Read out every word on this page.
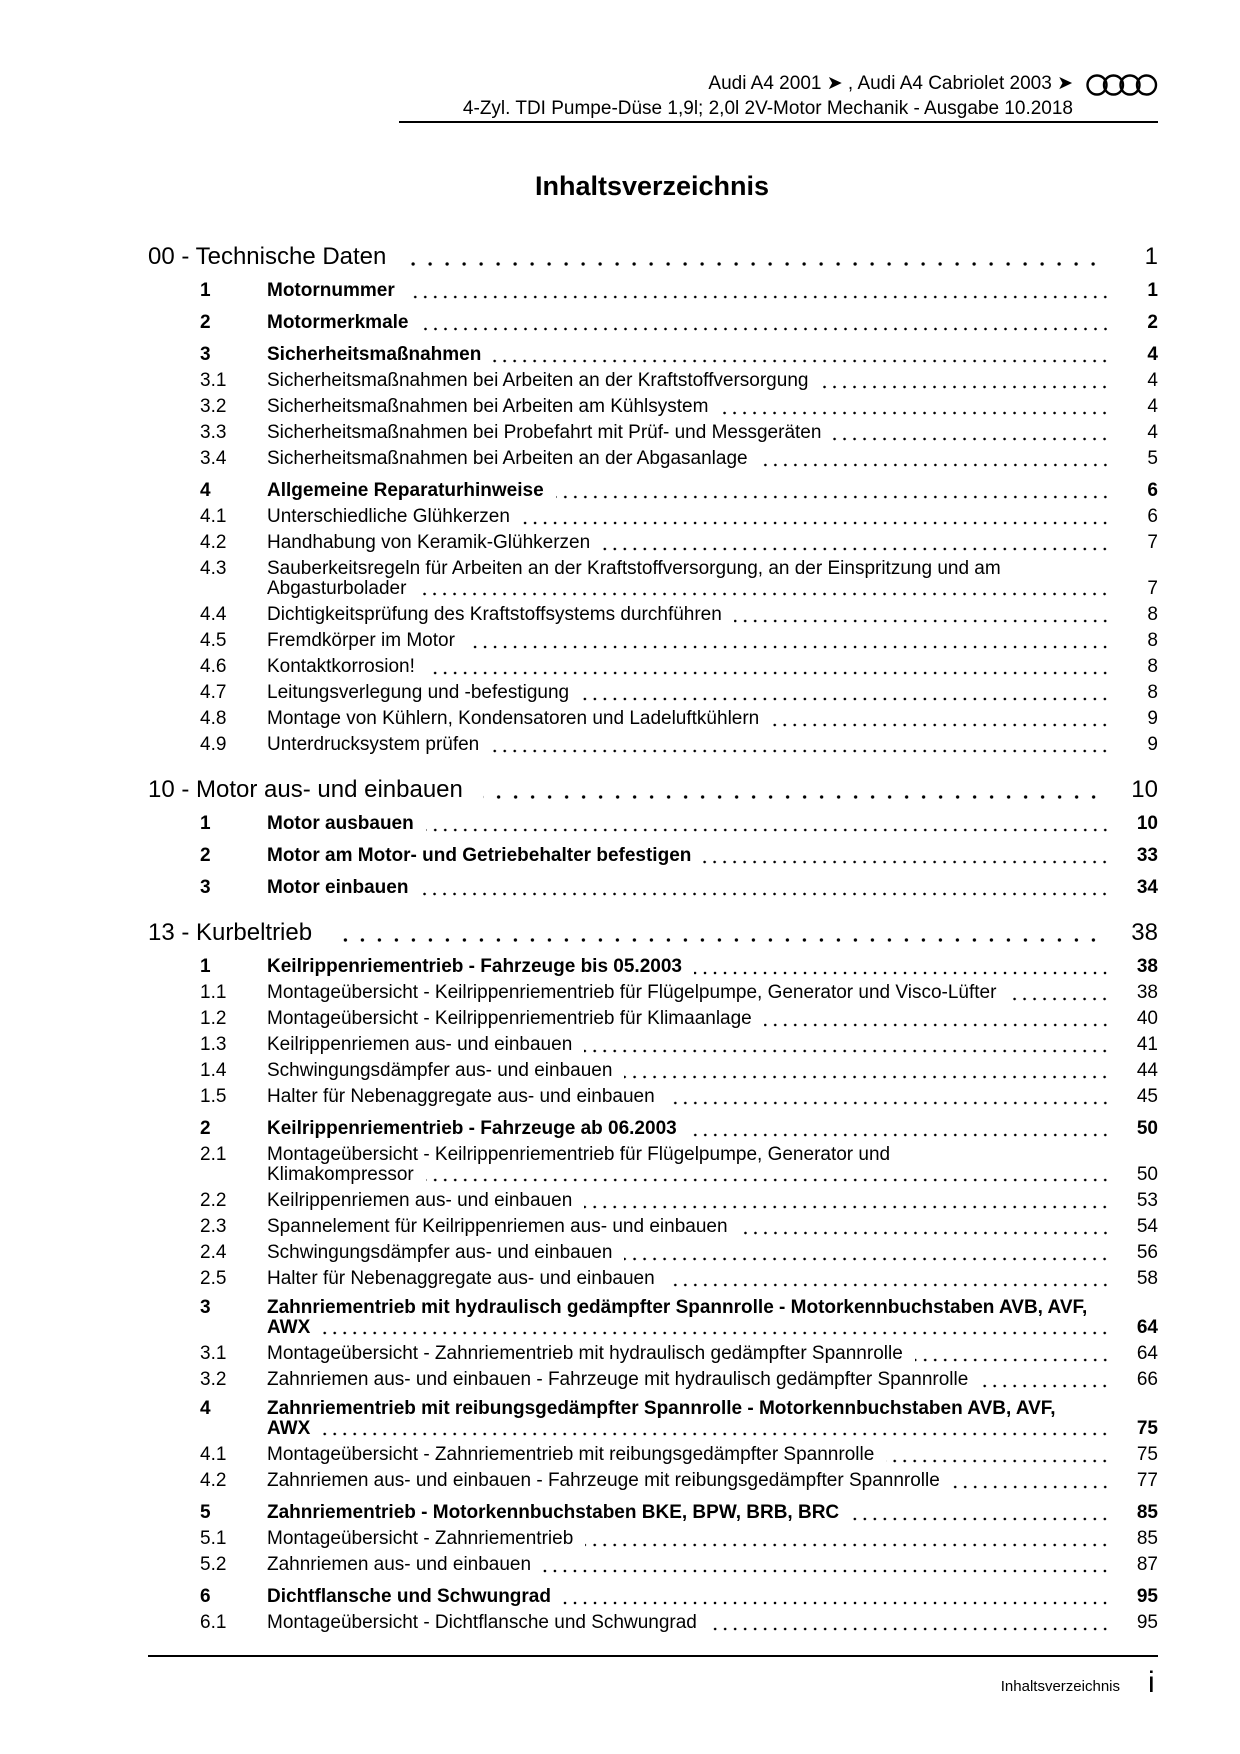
Audi A4 2001 ➤ , Audi A4 Cabriolet 2003 ➤
4-Zyl. TDI Pumpe-Düse 1,9l; 2,0l 2V-Motor Mechanik - Ausgabe 10.2018
Inhaltsverzeichnis
00 - Technische Daten	1
1	Motornummer	1
2	Motormerkmale	2
3	Sicherheitsmaßnahmen	4
3.1	Sicherheitsmaßnahmen bei Arbeiten an der Kraftstoffversorgung	4
3.2	Sicherheitsmaßnahmen bei Arbeiten am Kühlsystem	4
3.3	Sicherheitsmaßnahmen bei Probefahrt mit Prüf- und Messgeräten	4
3.4	Sicherheitsmaßnahmen bei Arbeiten an der Abgasanlage	5
4	Allgemeine Reparaturhinweise	6
4.1	Unterschiedliche Glühkerzen	6
4.2	Handhabung von Keramik-Glühkerzen	7
4.3	Sauberkeitsregeln für Arbeiten an der Kraftstoffversorgung, an der Einspritzung und am
Abgasturbolader	7
4.4	Dichtigkeitsprüfung des Kraftstoffsystems durchführen	8
4.5	Fremdkörper im Motor	8
4.6	Kontaktkorrosion!	8
4.7	Leitungsverlegung und -befestigung	8
4.8	Montage von Kühlern, Kondensatoren und Ladeluftkühlern	9
4.9	Unterdrucksystem prüfen	9
10 - Motor aus- und einbauen	10
1	Motor ausbauen	10
2	Motor am Motor- und Getriebehalter befestigen	33
3	Motor einbauen	34
13 - Kurbeltrieb	38
1	Keilrippenriementrieb - Fahrzeuge bis 05.2003	38
1.1	Montageübersicht - Keilrippenriementrieb für Flügelpumpe, Generator und Visco-Lüfter	38
1.2	Montageübersicht - Keilrippenriementrieb für Klimaanlage	40
1.3	Keilrippenriemen aus- und einbauen	41
1.4	Schwingungsdämpfer aus- und einbauen	44
1.5	Halter für Nebenaggregate aus- und einbauen	45
2	Keilrippenriementrieb - Fahrzeuge ab 06.2003	50
2.1	Montageübersicht - Keilrippenriementrieb für Flügelpumpe, Generator und
Klimakompressor	50
2.2	Keilrippenriemen aus- und einbauen	53
2.3	Spannelement für Keilrippenriemen aus- und einbauen	54
2.4	Schwingungsdämpfer aus- und einbauen	56
2.5	Halter für Nebenaggregate aus- und einbauen	58
3	Zahnriementrieb mit hydraulisch gedämpfter Spannrolle - Motorkennbuchstaben AVB, AVF,
AWX	64
3.1	Montageübersicht - Zahnriementrieb mit hydraulisch gedämpfter Spannrolle	64
3.2	Zahnriemen aus- und einbauen - Fahrzeuge mit hydraulisch gedämpfter Spannrolle	66
4	Zahnriementrieb mit reibungsgedämpfter Spannrolle - Motorkennbuchstaben AVB, AVF,
AWX	75
4.1	Montageübersicht - Zahnriementrieb mit reibungsgedämpfter Spannrolle	75
4.2	Zahnriemen aus- und einbauen - Fahrzeuge mit reibungsgedämpfter Spannrolle	77
5	Zahnriementrieb - Motorkennbuchstaben BKE, BPW, BRB, BRC	85
5.1	Montageübersicht - Zahnriementrieb	85
5.2	Zahnriemen aus- und einbauen	87
6	Dichtflansche und Schwungrad	95
6.1	Montageübersicht - Dichtflansche und Schwungrad	95
Inhaltsverzeichnis i
